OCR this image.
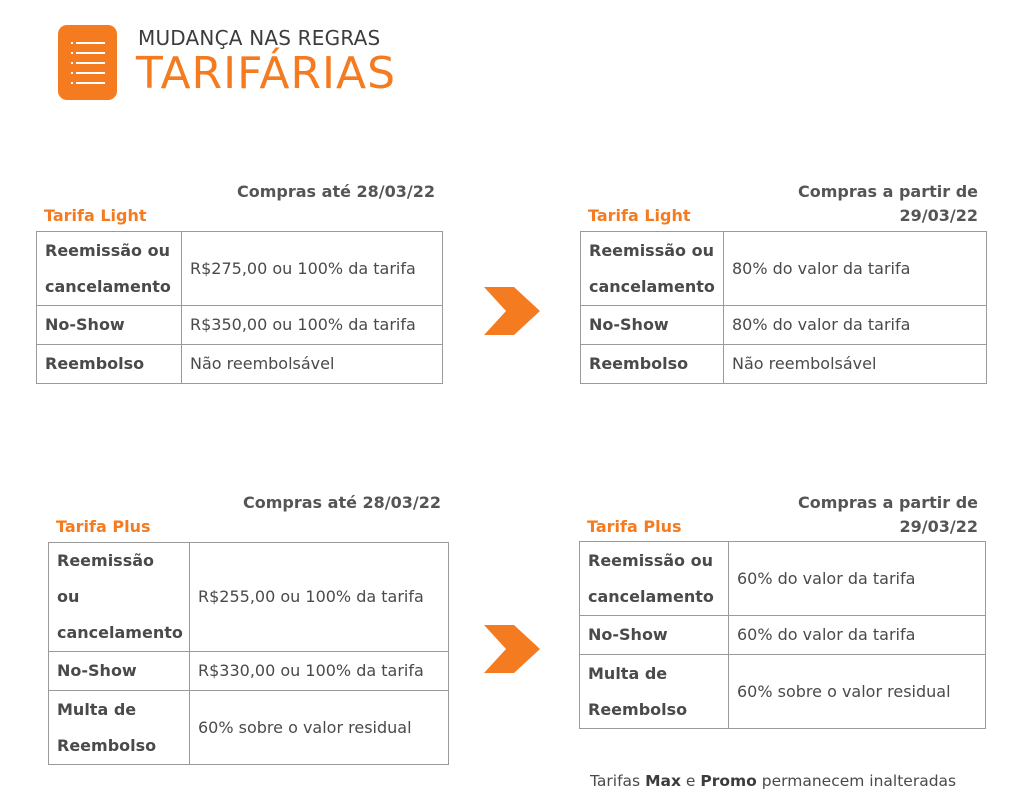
MUDANÇA NAS REGRAS
TARIFÁRIAS
Compras até 28/03/22
Tarifa Light
Reemissão ou cancelamento	R$275,00 ou 100% da tarifa
No-Show	R$350,00 ou 100% da tarifa
Reembolso	Não reembolsável
Compras a partir de 29/03/22
Tarifa Light
Reemissão ou cancelamento	80% do valor da tarifa
No-Show	80% do valor da tarifa
Reembolso	Não reembolsável
Compras até 28/03/22
Tarifa Plus
Reemissão ou cancelamento	R$255,00 ou 100% da tarifa
No-Show	R$330,00 ou 100% da tarifa
Multa de Reembolso	60% sobre o valor residual
Compras a partir de 29/03/22
Tarifa Plus
Reemissão ou cancelamento	60% do valor da tarifa
No-Show	60% do valor da tarifa
Multa de Reembolso	60% sobre o valor residual
Tarifas Max e Promo permanecem inalteradas
